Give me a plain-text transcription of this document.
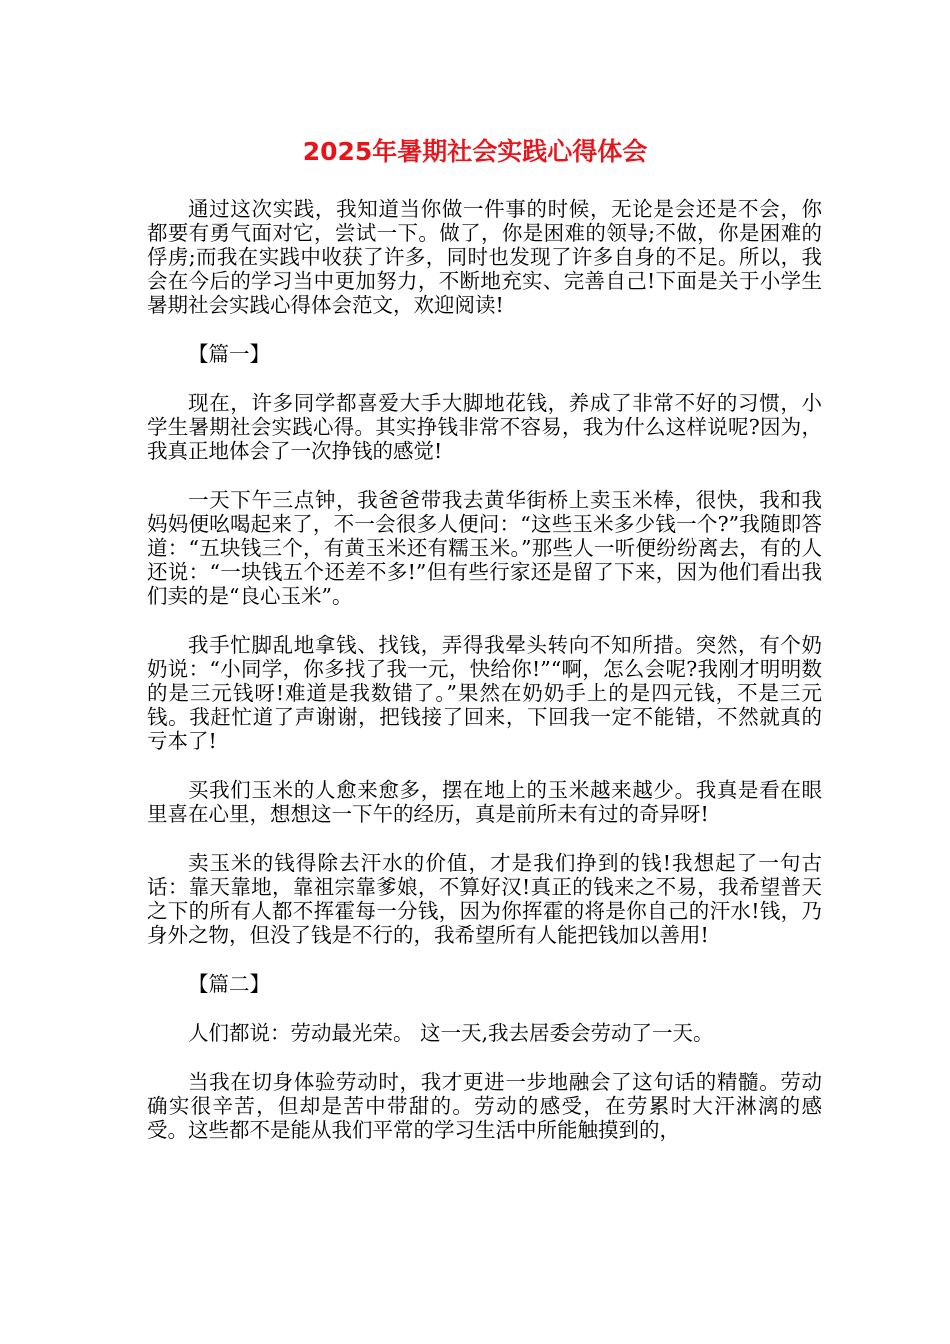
2025年暑期社会实践心得体会

通过这次实践，我知道当你做一件事的时候，无论是会还是不会，你都要有勇气面对它，尝试一下。做了，你是困难的领导;不做，你是困难的俘虏;而我在实践中收获了许多，同时也发现了许多自身的不足。所以，我会在今后的学习当中更加努力，不断地充实、完善自己!下面是关于小学生暑期社会实践心得体会范文，欢迎阅读!

【篇一】

现在，许多同学都喜爱大手大脚地花钱，养成了非常不好的习惯，小学生暑期社会实践心得。其实挣钱非常不容易，我为什么这样说呢?因为，我真正地体会了一次挣钱的感觉!

一天下午三点钟，我爸爸带我去黄华街桥上卖玉米棒，很快，我和我妈妈便吆喝起来了，不一会很多人便问：“这些玉米多少钱一个?”我随即答道：“五块钱三个，有黄玉米还有糯玉米。”那些人一听便纷纷离去，有的人还说：“一块钱五个还差不多!”但有些行家还是留了下来，因为他们看出我们卖的是“良心玉米”。

我手忙脚乱地拿钱、找钱，弄得我晕头转向不知所措。突然，有个奶奶说：“小同学，你多找了我一元，快给你!”“啊，怎么会呢?我刚才明明数的是三元钱呀!难道是我数错了。”果然在奶奶手上的是四元钱，不是三元钱。我赶忙道了声谢谢，把钱接了回来，下回我一定不能错，不然就真的亏本了!

买我们玉米的人愈来愈多，摆在地上的玉米越来越少。我真是看在眼里喜在心里，想想这一下午的经历，真是前所未有过的奇异呀!

卖玉米的钱得除去汗水的价值，才是我们挣到的钱!我想起了一句古话：靠天靠地，靠祖宗靠爹娘，不算好汉!真正的钱来之不易，我希望普天之下的所有人都不挥霍每一分钱，因为你挥霍的将是你自己的汗水!钱，乃身外之物，但没了钱是不行的，我希望所有人能把钱加以善用!

【篇二】

人们都说：劳动最光荣。 这一天,我去居委会劳动了一天。

当我在切身体验劳动时，我才更进一步地融会了这句话的精髓。劳动确实很辛苦，但却是苦中带甜的。劳动的感受，在劳累时大汗淋漓的感受。这些都不是能从我们平常的学习生活中所能触摸到的，
